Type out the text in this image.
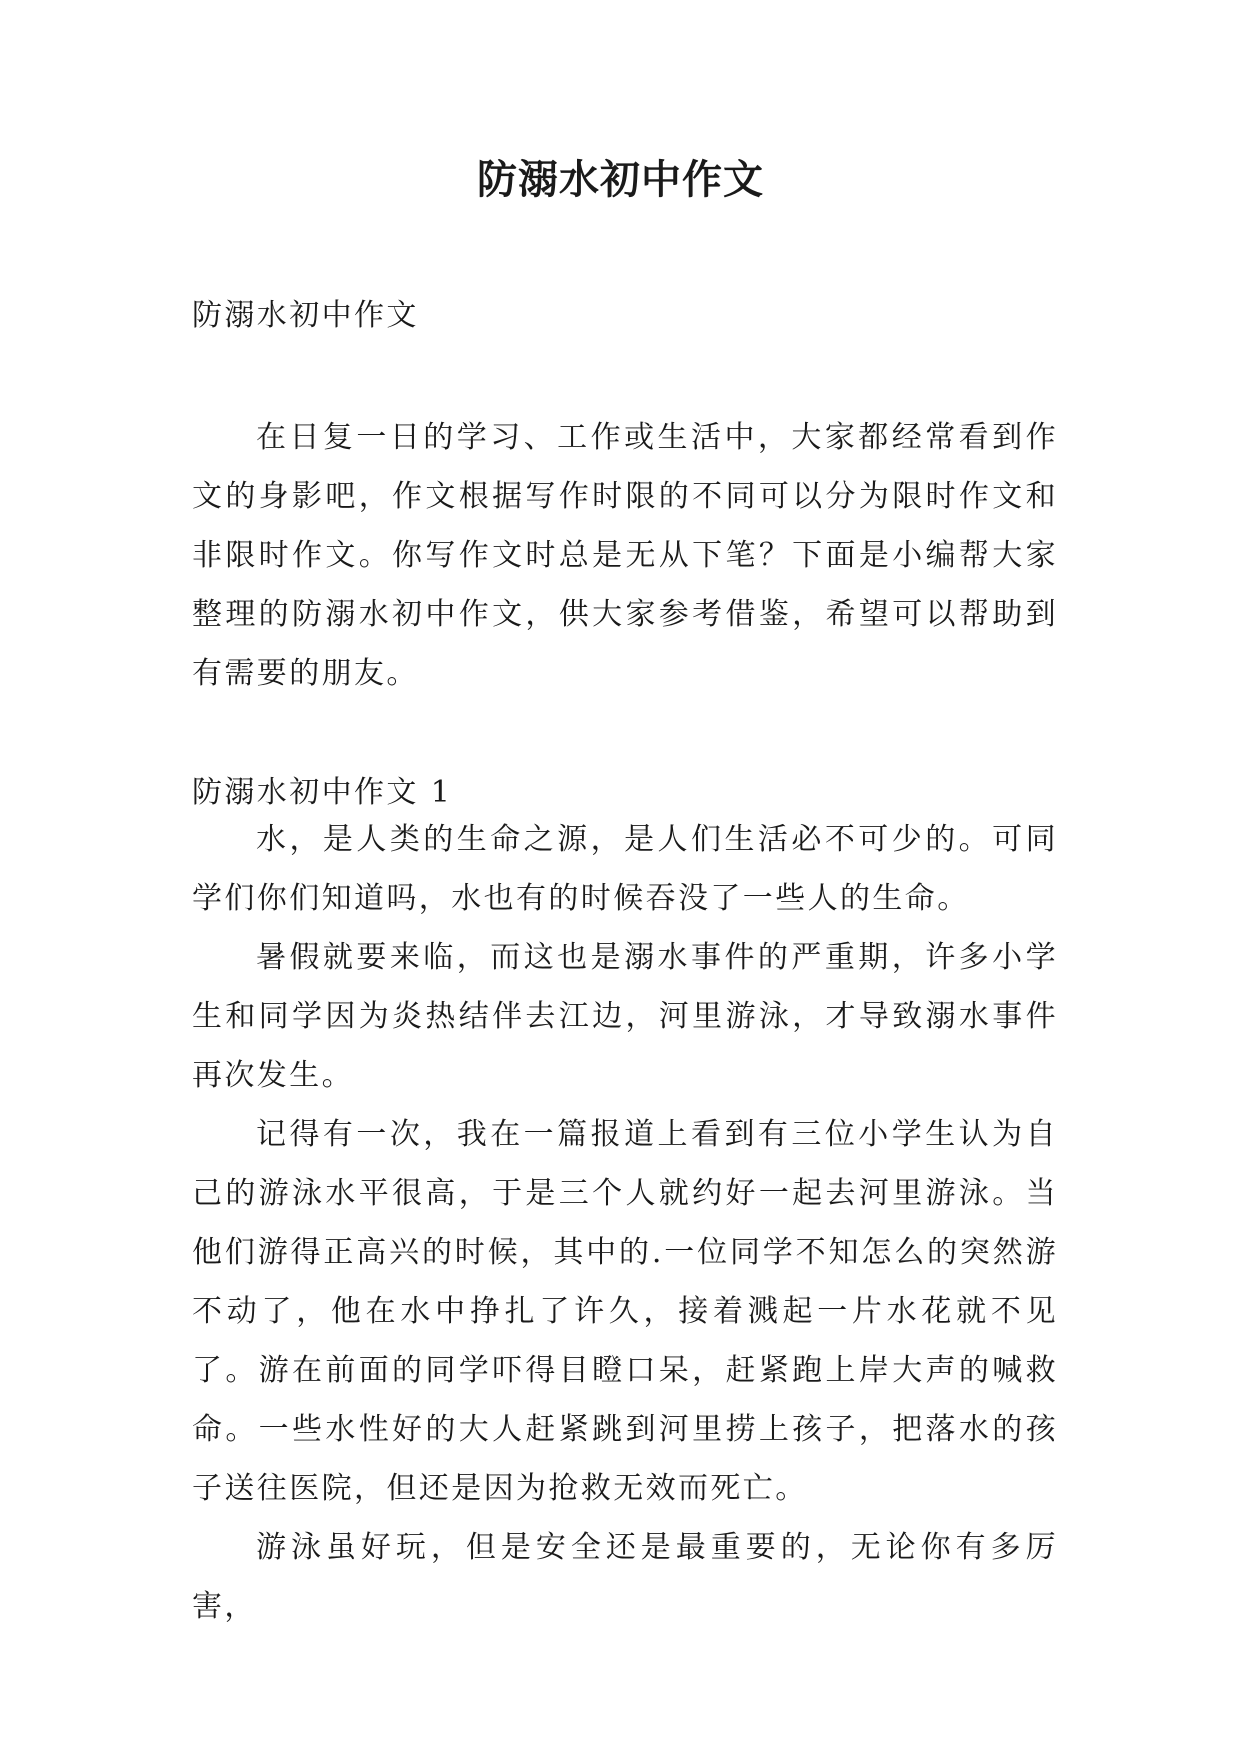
防溺水初中作文

防溺水初中作文

在日复一日的学习、工作或生活中，大家都经常看到作文的身影吧，作文根据写作时限的不同可以分为限时作文和非限时作文。你写作文时总是无从下笔？下面是小编帮大家整理的防溺水初中作文，供大家参考借鉴，希望可以帮助到有需要的朋友。

防溺水初中作文 1

水，是人类的生命之源，是人们生活必不可少的。可同学们你们知道吗，水也有的时候吞没了一些人的生命。

暑假就要来临，而这也是溺水事件的严重期，许多小学生和同学因为炎热结伴去江边，河里游泳，才导致溺水事件再次发生。

记得有一次，我在一篇报道上看到有三位小学生认为自己的游泳水平很高，于是三个人就约好一起去河里游泳。当他们游得正高兴的时候，其中的.一位同学不知怎么的突然游不动了，他在水中挣扎了许久，接着溅起一片水花就不见了。游在前面的同学吓得目瞪口呆，赶紧跑上岸大声的喊救命。一些水性好的大人赶紧跳到河里捞上孩子，把落水的孩子送往医院，但还是因为抢救无效而死亡。

游泳虽好玩，但是安全还是最重要的，无论你有多厉害，
